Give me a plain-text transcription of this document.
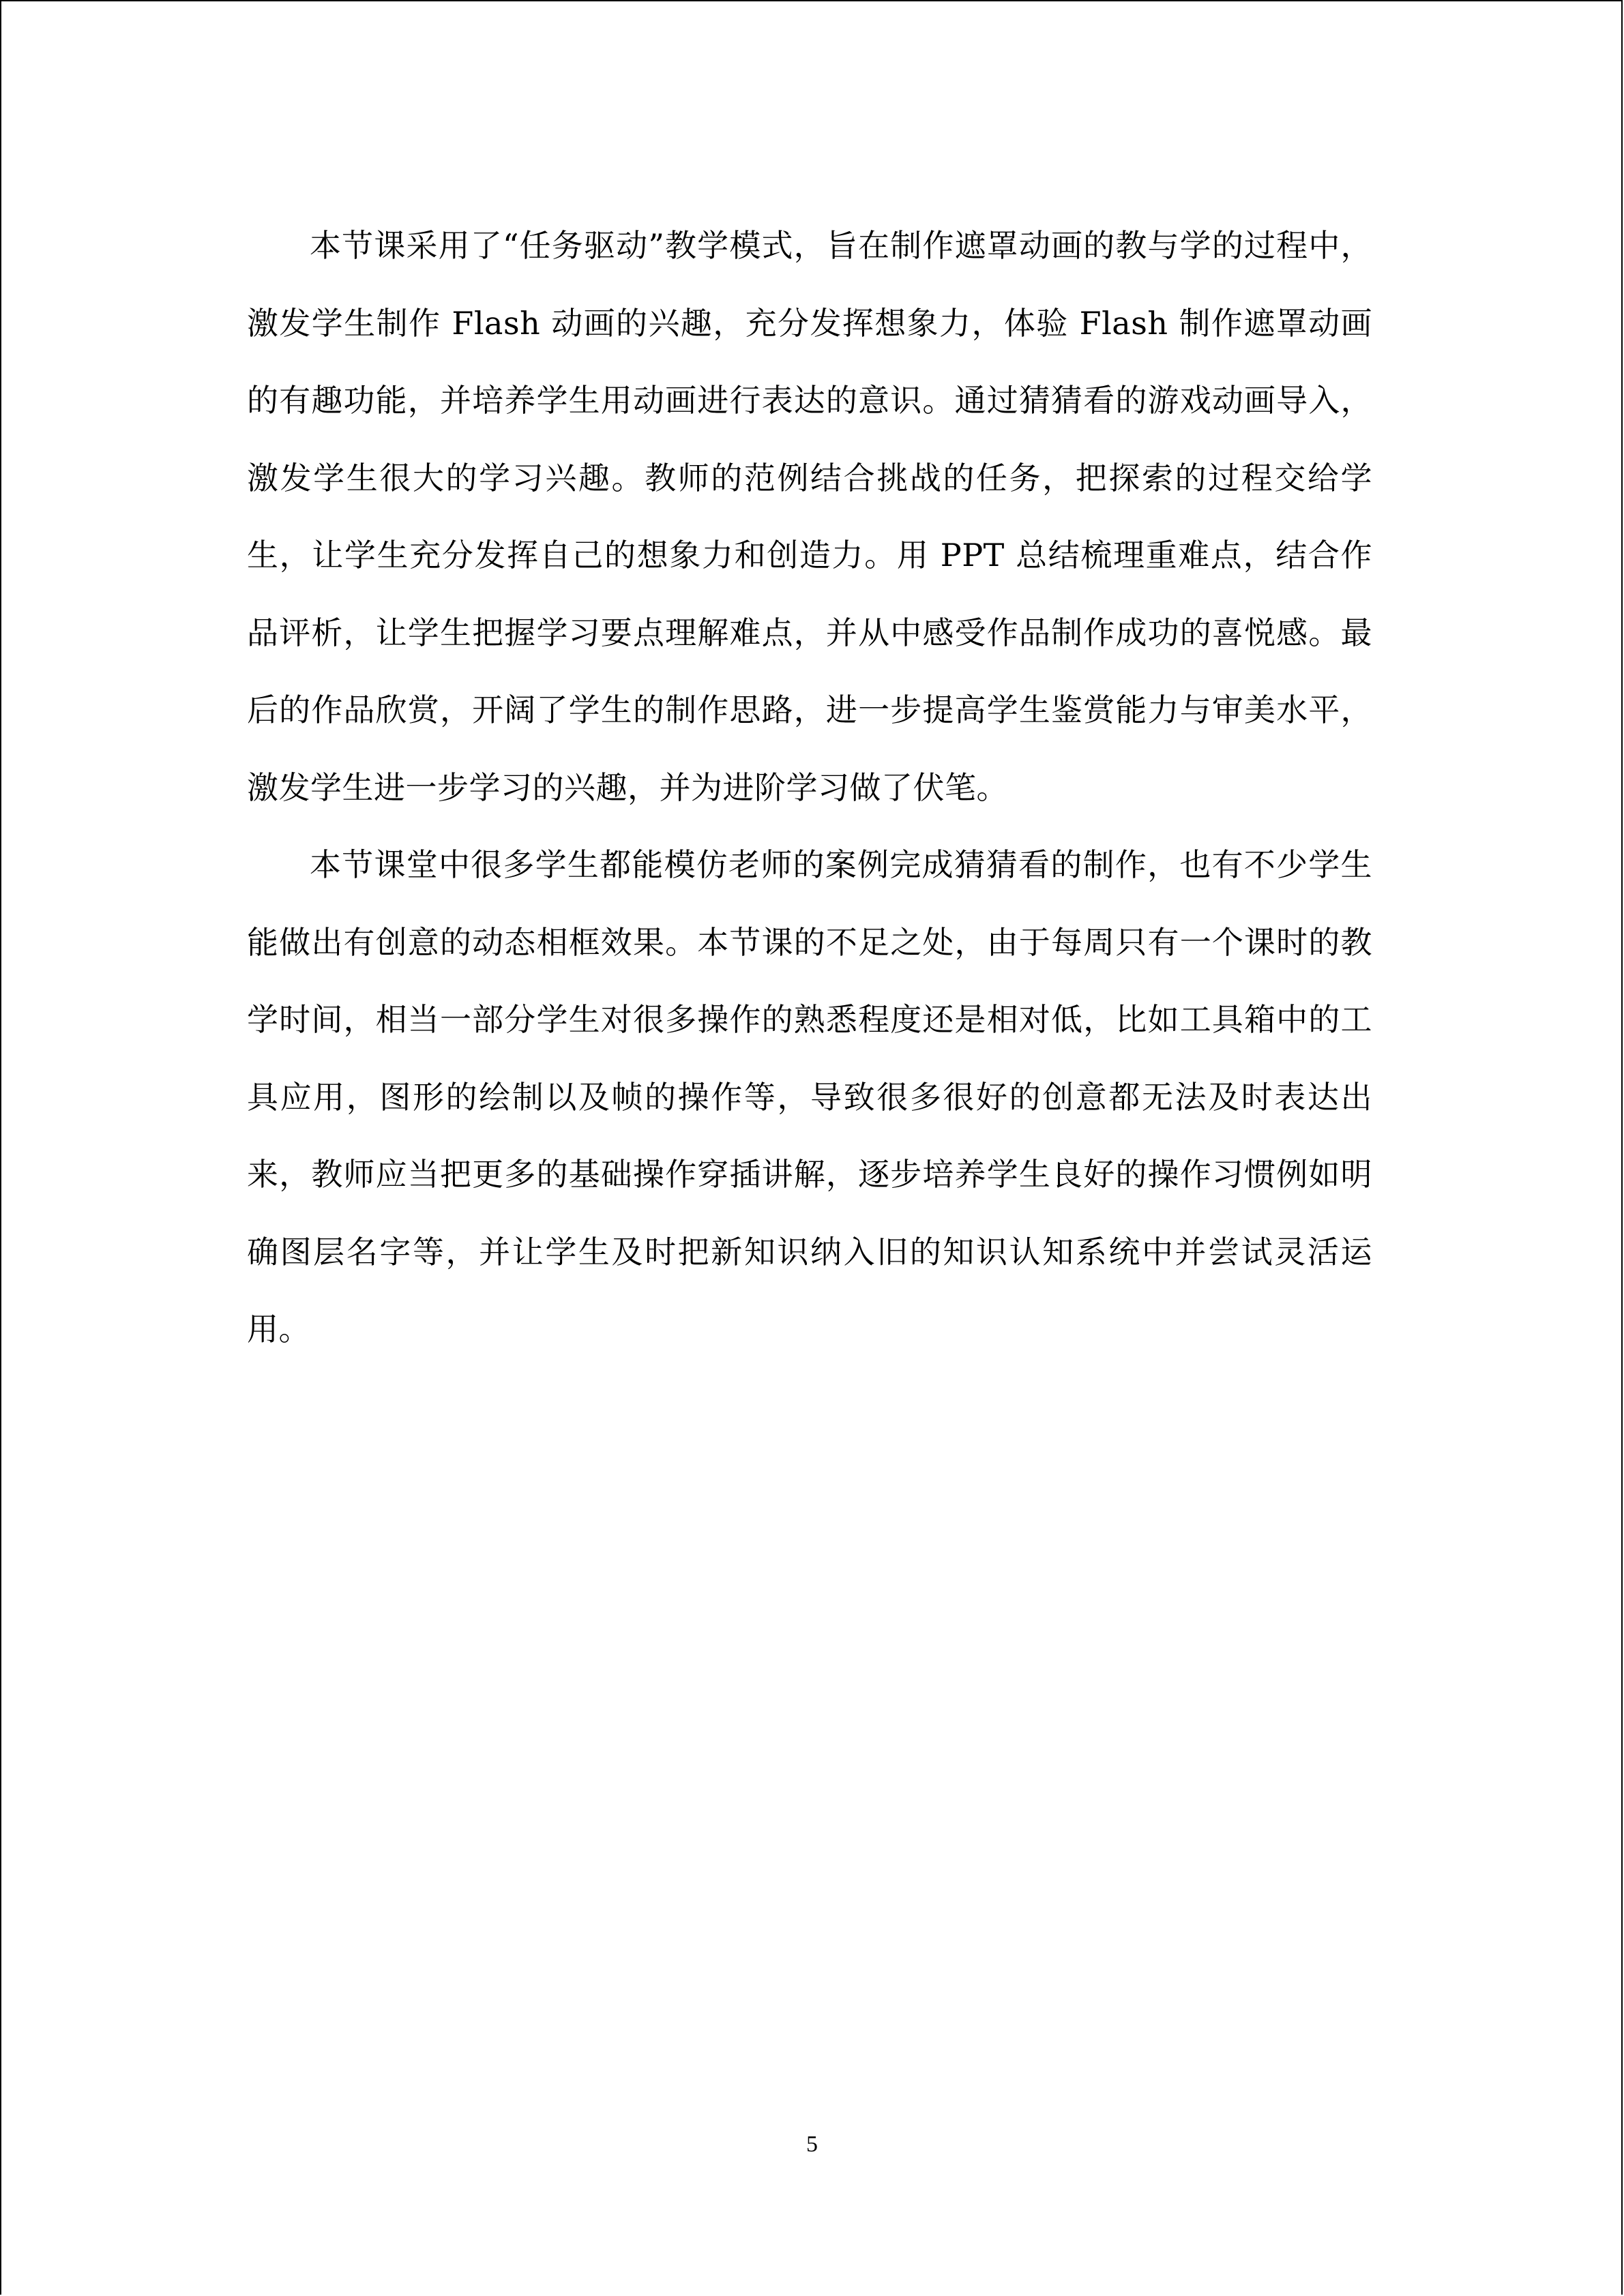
本节课采用了“任务驱动”教学模式，旨在制作遮罩动画的教与学的过程中，激发学生制作 Flash 动画的兴趣，充分发挥想象力，体验 Flash 制作遮罩动画的有趣功能，并培养学生用动画进行表达的意识。通过猜猜看的游戏动画导入，激发学生很大的学习兴趣。教师的范例结合挑战的任务，把探索的过程交给学生，让学生充分发挥自己的想象力和创造力。用 PPT 总结梳理重难点，结合作品评析，让学生把握学习要点理解难点，并从中感受作品制作成功的喜悦感。最后的作品欣赏，开阔了学生的制作思路，进一步提高学生鉴赏能力与审美水平，激发学生进一步学习的兴趣，并为进阶学习做了伏笔。

本节课堂中很多学生都能模仿老师的案例完成猜猜看的制作，也有不少学生能做出有创意的动态相框效果。本节课的不足之处，由于每周只有一个课时的教学时间，相当一部分学生对很多操作的熟悉程度还是相对低，比如工具箱中的工具应用，图形的绘制以及帧的操作等，导致很多很好的创意都无法及时表达出来，教师应当把更多的基础操作穿插讲解，逐步培养学生良好的操作习惯例如明确图层名字等，并让学生及时把新知识纳入旧的知识认知系统中并尝试灵活运用。

5
